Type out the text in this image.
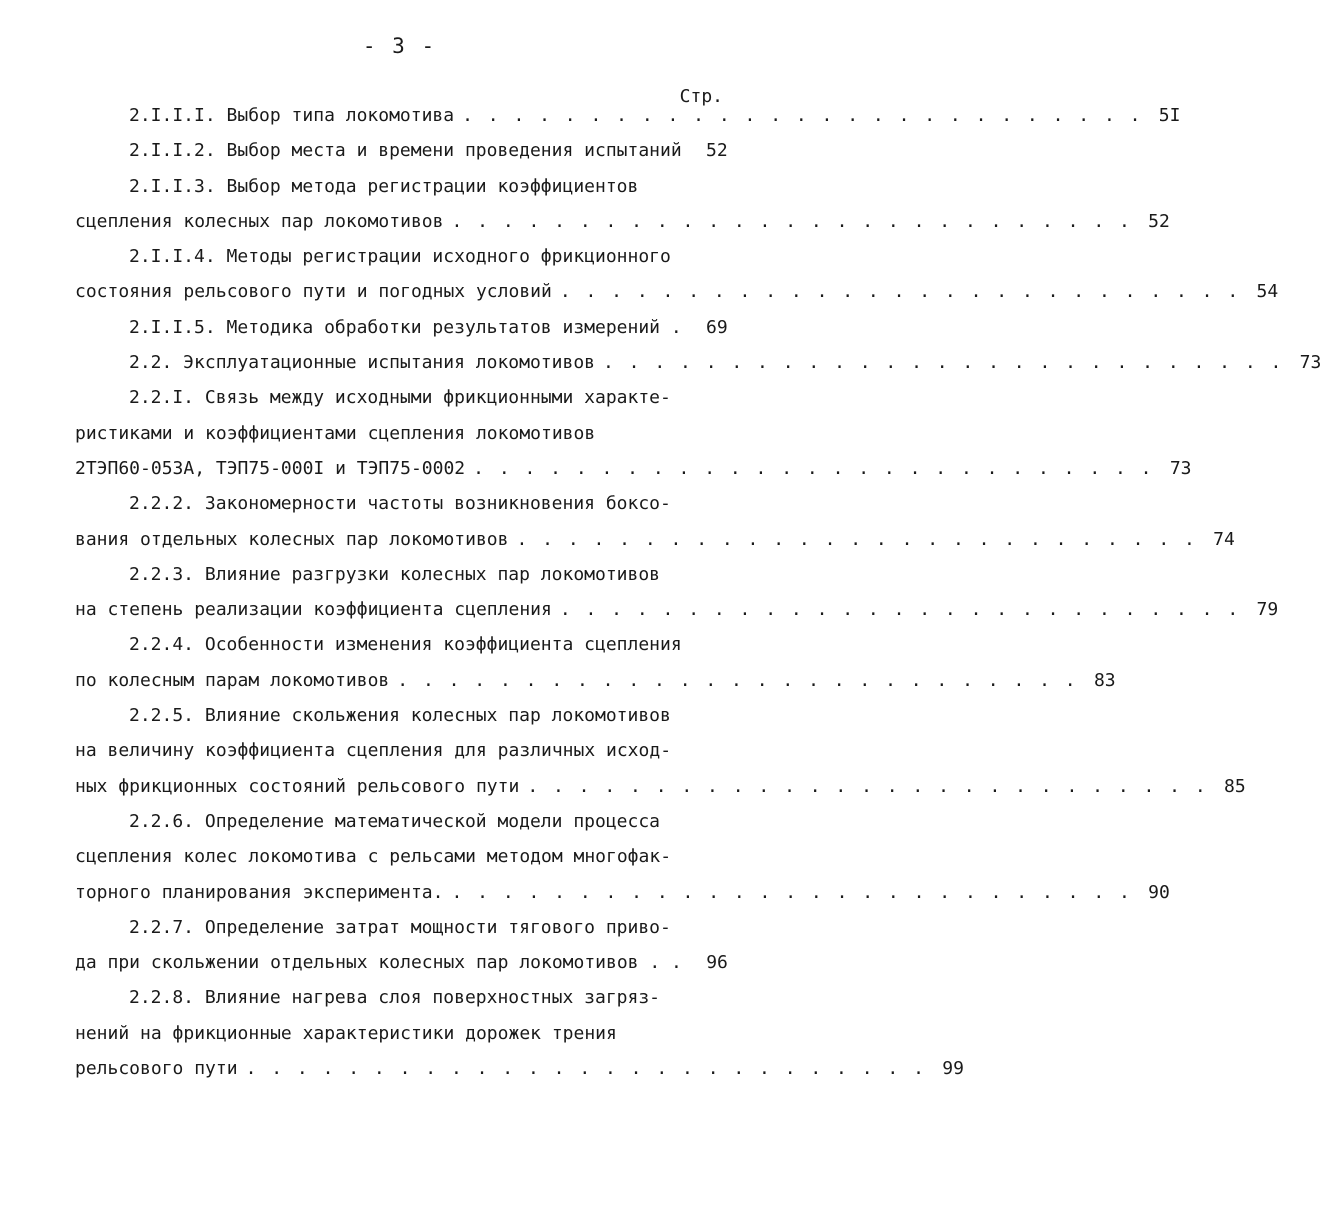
- 3 -
Стр.
2.I.I.I. Выбор типа локомотива . . . . . . . . . . . . . . . . . . . . . . . . . . . 5I
2.I.I.2. Выбор места и времени проведения испытаний	52
2.I.I.3. Выбор метода регистрации коэффициентов
сцепления колесных пар локомотивов . . . . . . . . . . . . . . . . . . . . . . . . . . . 52
2.I.I.4. Методы регистрации исходного фрикционного
состояния рельсового пути и погодных условий . . . . . . . . . . . . . . . . . . . . . . . . . . . 54
2.I.I.5. Методика обработки результатов измерений .	69
2.2. Эксплуатационные испытания локомотивов . . . . . . . . . . . . . . . . . . . . . . . . . . . 73
2.2.I. Связь между исходными фрикционными характе-
ристиками и коэффициентами сцепления локомотивов
2ТЭП60-053А, ТЭП75-000I и ТЭП75-0002 . . . . . . . . . . . . . . . . . . . . . . . . . . . 73
2.2.2. Закономерности частоты возникновения боксо-
вания отдельных колесных пар локомотивов . . . . . . . . . . . . . . . . . . . . . . . . . . . 74
2.2.3. Влияние разгрузки колесных пар локомотивов
на степень реализации коэффициента сцепления . . . . . . . . . . . . . . . . . . . . . . . . . . . 79
2.2.4. Особенности изменения коэффициента сцепления
по колесным парам локомотивов . . . . . . . . . . . . . . . . . . . . . . . . . . . 83
2.2.5. Влияние скольжения колесных пар локомотивов
на величину коэффициента сцепления для различных исход-
ных фрикционных состояний рельсового пути . . . . . . . . . . . . . . . . . . . . . . . . . . . 85
2.2.6. Определение математической модели процесса
сцепления колес локомотива с рельсами методом многофак-
торного планирования эксперимента. . . . . . . . . . . . . . . . . . . . . . . . . . . . 90
2.2.7. Определение затрат мощности тягового приво-
да при скольжении отдельных колесных пар локомотивов . .	96
2.2.8. Влияние нагрева слоя поверхностных загряз-
нений на фрикционные характеристики дорожек трения
рельсового пути . . . . . . . . . . . . . . . . . . . . . . . . . . . 99
